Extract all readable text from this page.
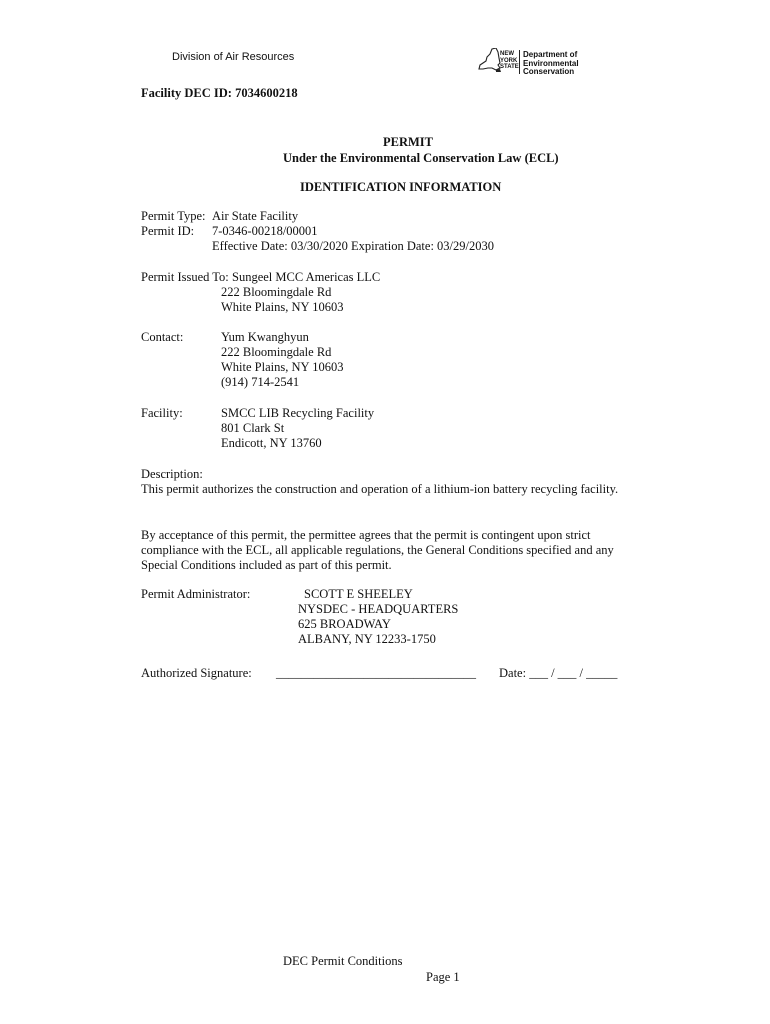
Division of Air Resources	NEW
YORK
STATE
Department of
Environmental
Conservation
Facility DEC ID: 7034600218
PERMIT
Under the Environmental Conservation Law (ECL)
IDENTIFICATION INFORMATION
Permit Type: Air State Facility
Permit ID: 7-0346-00218/00001
Effective Date: 03/30/2020 Expiration Date: 03/29/2030
Permit Issued To: Sungeel MCC Americas LLC
222 Bloomingdale Rd
White Plains, NY 10603
Contact:	Yum Kwanghyun
222 Bloomingdale Rd
White Plains, NY 10603
(914) 714-2541
Facility:	SMCC LIB Recycling Facility
801 Clark St
Endicott, NY 13760
Description:
This permit authorizes the construction and operation of a lithium-ion battery recycling facility.
By acceptance of this permit, the permittee agrees that the permit is contingent upon strict
compliance with the ECL, all applicable regulations, the General Conditions specified and any
Special Conditions included as part of this permit.
Permit Administrator:	SCOTT E SHEELEY
NYSDEC - HEADQUARTERS
625 BROADWAY
ALBANY, NY 12233-1750
Authorized Signature: ________________________________ Date: ___ / ___ / _____
DEC Permit Conditions
Page 1
